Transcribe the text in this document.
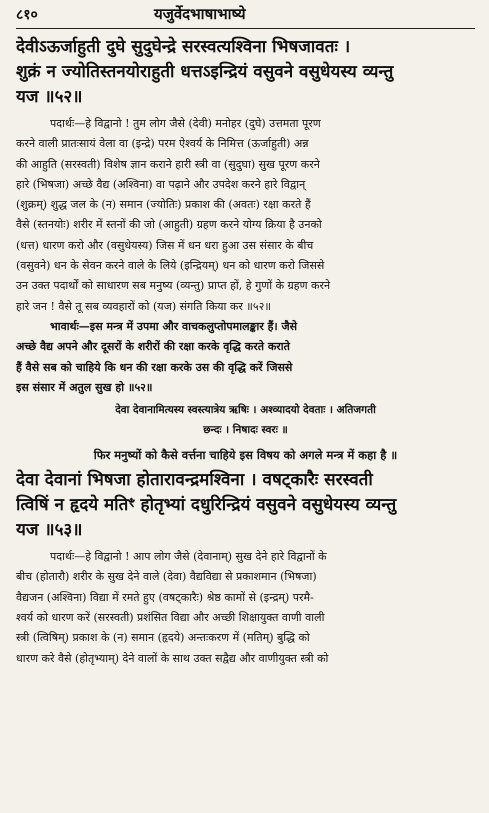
८१०	यजुर्वेदभाषाभाष्ये

देवीऽऊर्जाहुती दुघे सुदुघेन्द्रे सरस्वत्यश्विना भिषजावतः ।
शुक्रं न ज्योतिस्तनयोराहुती धत्तऽइन्द्रियं वसुवने वसुधेयस्य व्यन्तु
यज ॥५२॥

पदार्थः—हे विद्वानो ! तुम लोग जैसे (देवी) मनोहर (दुघे) उत्तमता पूरण
करने वाली प्रातःसायं वेला वा (इन्द्रे) परम ऐश्वर्य के निमित्त (ऊर्जाहुती) अन्न
की आहुति (सरस्वती) विशेष ज्ञान कराने हारी स्त्री वा (सुदुघा) सुख पूरण करने
हारे (भिषजा) अच्छे वैद्य (अश्विना) वा पढ़ाने और उपदेश करने हारे विद्वान्
(शुक्रम्) शुद्ध जल के (न) समान (ज्योतिः) प्रकाश की (अवतः) रक्षा करते हैं
वैसे (स्तनयोः) शरीर में स्तनों की जो (आहुती) ग्रहण करने योग्य क्रिया है उनको
(धत्त) धारण करो और (वसुधेयस्य) जिस में धन धरा हुआ उस संसार के बीच
(वसुवने) धन के सेवन करने वाले के लिये (इन्द्रियम्) धन को धारण करो जिससे
उन उक्त पदार्थों को साधारण सब मनुष्य (व्यन्तु) प्राप्त हों, हे गुणों के ग्रहण करने
हारे जन ! वैसे तू सब व्यवहारों को (यज) संगति किया कर ॥५२॥

भावार्थः—इस मन्त्र में उपमा और वाचकलुप्तोपमालङ्कार हैं। जैसे
अच्छे वैद्य अपने और दूसरों के शरीरों की रक्षा करके वृद्धि करते कराते
हैं वैसे सब को चाहिये कि धन की रक्षा करके उस की वृद्धि करें जिससे
इस संसार में अतुल सुख हो ॥५२॥

देवा देवानामित्यस्य स्वस्त्यात्रेय ऋषिः । अश्व्यादयो देवताः । अतिजगती
छन्दः । निषादः स्वरः ॥

फिर मनुष्यों को कैसे वर्त्तना चाहिये इस विषय को अगले मन्त्र में कहा है ॥

देवा देवानां भिषजा होतारावन्द्रमश्विना । वषट्कारैः सरस्वती
त्विषिं न हृदये मतिꣳ होतृभ्यां दधुरिन्द्रियं वसुवने वसुधेयस्य व्यन्तु
यज ॥५३॥

पदार्थः—हे विद्वानो ! आप लोग जैसे (देवानाम्) सुख देने हारे विद्वानों के
बीच (होतारौ) शरीर के सुख देने वाले (देवा) वैद्यविद्या से प्रकाशमान (भिषजा)
वैद्यजन (अश्विना) विद्या में रमते हुए (वषट्कारैः) श्रेष्ठ कामों से (इन्द्रम्) परमै-
श्वर्य को धारण करें (सरस्वती) प्रशंसित विद्या और अच्छी शिक्षायुक्त वाणी वाली
स्त्री (त्विषिम्) प्रकाश के (न) समान (हृदये) अन्तःकरण में (मतिम्) बुद्धि को
धारण करे वैसे (होतृभ्याम्) देने वालों के साथ उक्त सद्वैद्य और वाणीयुक्त स्त्री को
